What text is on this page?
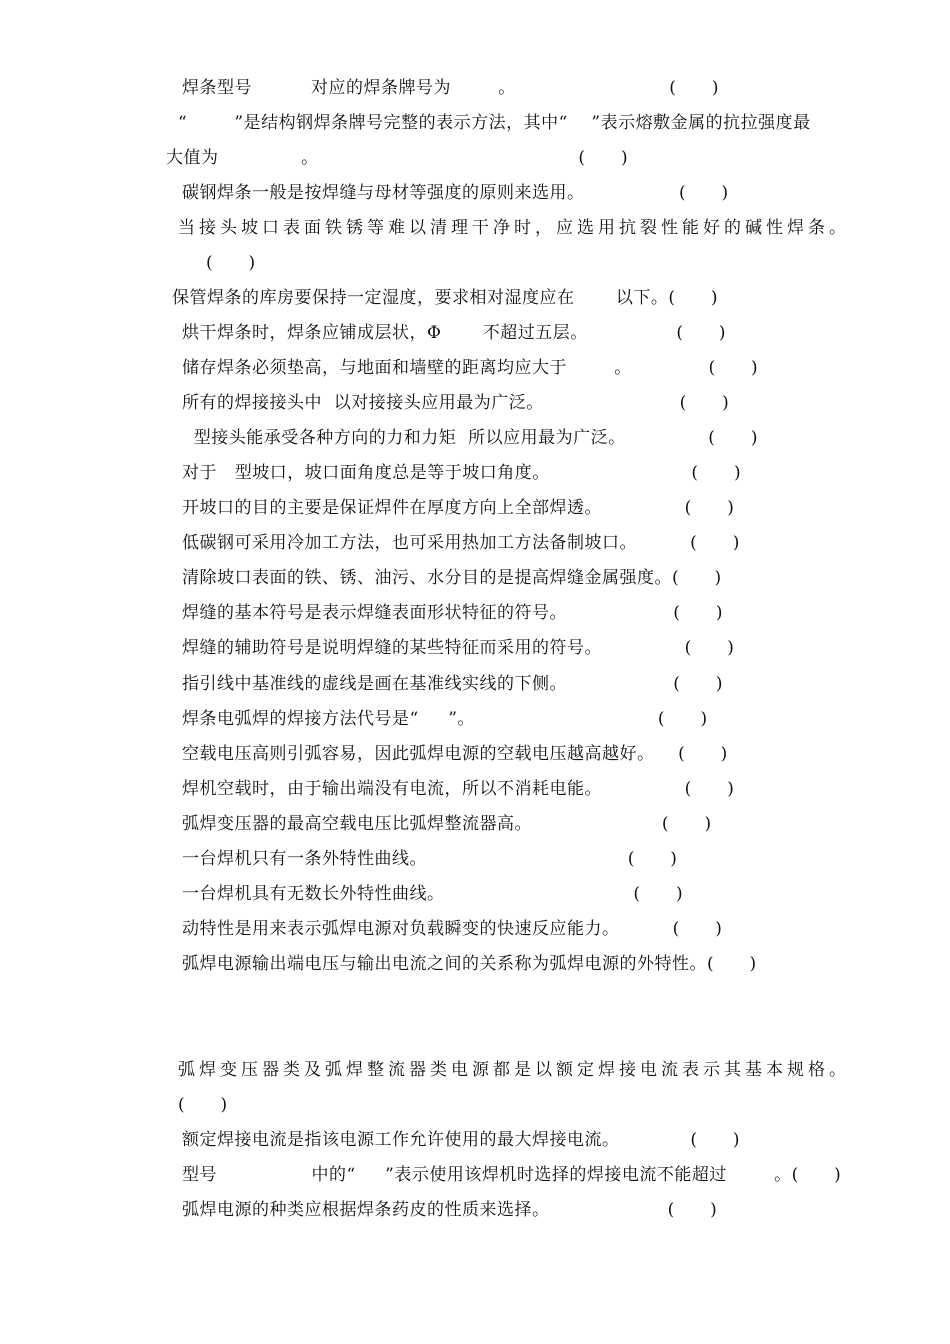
焊条型号          对应的焊条牌号为        。                          (      )
“        ”是结构钢焊条牌号完整的表示方法，其中“    ”表示熔敷金属的抗拉强度最
大值为              。                                            (      )
碳钢焊条一般是按焊缝与母材等强度的原则来选用。                (      )
当接头坡口表面铁锈等难以清理干净时，应选用抗裂性能好的碱性焊条。
(      )
保管焊条的库房要保持一定湿度，要求相对湿度应在       以下。(      )
烘干焊条时，焊条应铺成层状，Φ       不超过五层。               (      )
储存焊条必须垫高，与地面和墙壁的距离均应大于        。             (      )
所有的焊接接头中  以对接接头应用最为广泛。                       (      )
型接头能承受各种方向的力和力矩  所以应用最为广泛。              (      )
对于   型坡口，坡口面角度总是等于坡口角度。                        (      )
开坡口的目的主要是保证焊件在厚度方向上全部焊透。              (      )
低碳钢可采用冷加工方法，也可采用热加工方法备制坡口。         (      )
清除坡口表面的铁、锈、油污、水分目的是提高焊缝金属强度。(      )
焊缝的基本符号是表示焊缝表面形状特征的符号。                  (      )
焊缝的辅助符号是说明焊缝的某些特征而采用的符号。              (      )
指引线中基准线的虚线是画在基准线实线的下侧。                  (      )
焊条电弧焊的焊接方法代号是“     ”。                               (      )
空载电压高则引弧容易，因此弧焊电源的空载电压越高越好。    (      )
焊机空载时，由于输出端没有电流，所以不消耗电能。              (      )
弧焊变压器的最高空载电压比弧焊整流器高。                      (      )
一台焊机只有一条外特性曲线。                                  (      )
一台焊机具有无数长外特性曲线。                                (      )
动特性是用来表示弧焊电源对负载瞬变的快速反应能力。         (      )
弧焊电源输出端电压与输出电流之间的关系称为弧焊电源的外特性。(      )
弧焊变压器类及弧焊整流器类电源都是以额定焊接电流表示其基本规格。
(      )
额定焊接电流是指该电源工作允许使用的最大焊接电流。            (      )
型号                中的“     ”表示使用该焊机时选择的焊接电流不能超过        。(      )
弧焊电源的种类应根据焊条药皮的性质来选择。                    (      )
